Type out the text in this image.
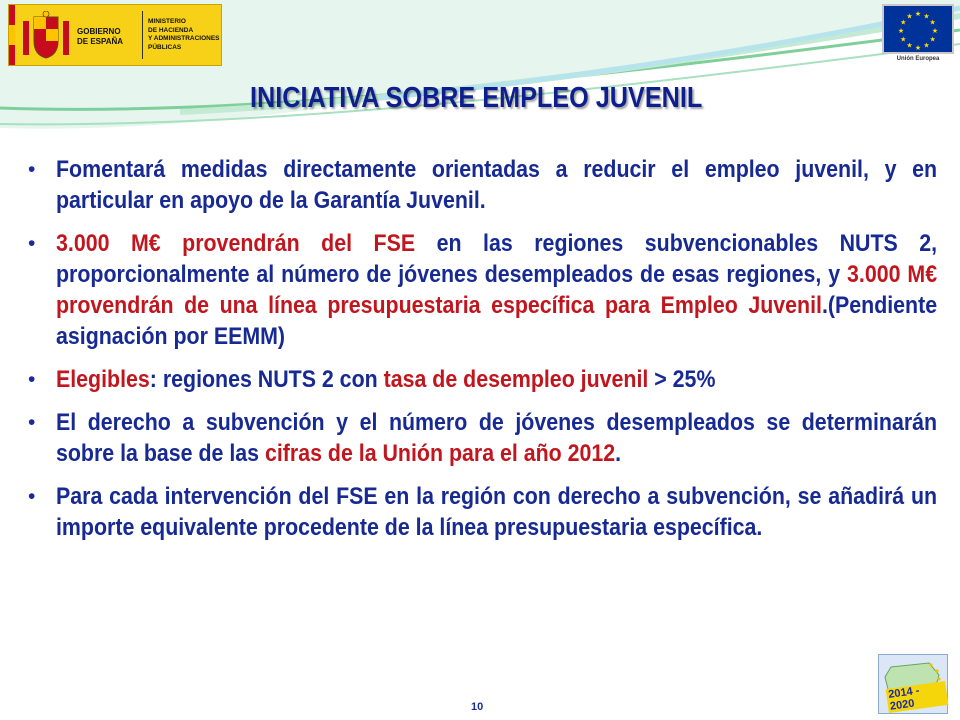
GOBIERNO
DE ESPAÑA
MINISTERIO
DE HACIENDA
Y ADMINISTRACIONES
PÚBLICAS
★ ★
★
★
★
★
★
★
★
★
★
★
Unión Europea
INICIATIVA SOBRE EMPLEO JUVENIL
• Fomentará medidas directamente orientadas a reducir el empleo juvenil, y en particular en apoyo de la Garantía Juvenil.
• 3.000 M€ provendrán del FSE en las regiones subvencionables NUTS 2, proporcionalmente al número de jóvenes desempleados de esas regiones, y 3.000 M€ provendrán de una línea presupuestaria específica para Empleo Juvenil.(Pendiente asignación por EEMM)
• Elegibles: regiones NUTS 2 con tasa de desempleo juvenil > 25%
• El derecho a subvención y el número de jóvenes desempleados se determinarán sobre la base de las cifras de la Unión para el año 2012.
• Para cada intervención del FSE en la región con derecho a subvención, se añadirá un importe equivalente procedente de la línea presupuestaria específica.
10
2014 - 2020
